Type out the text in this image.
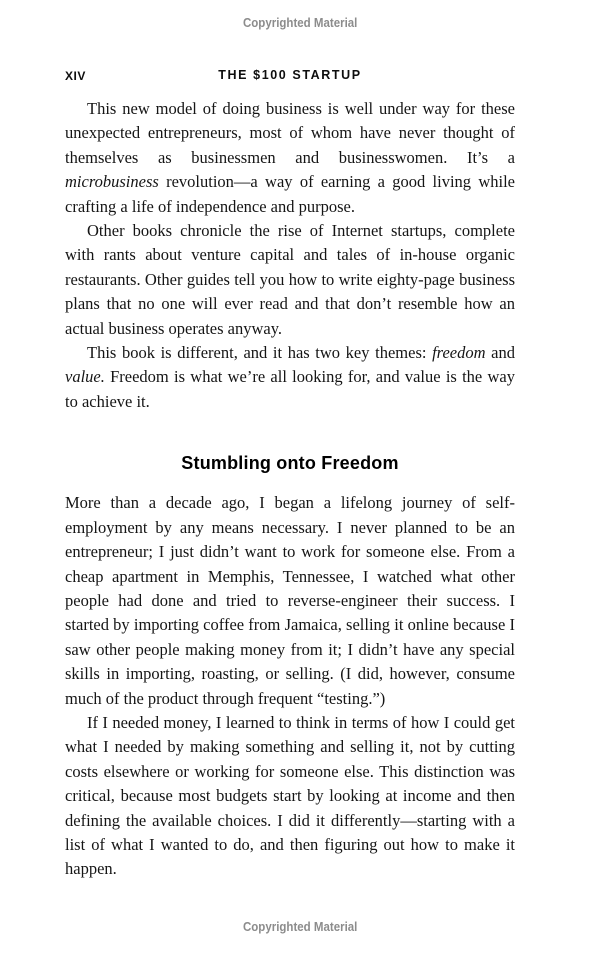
Copyrighted Material
XIV	THE $100 STARTUP

This new model of doing business is well under way for these unexpected entrepreneurs, most of whom have never thought of themselves as businessmen and businesswomen. It’s a microbusiness revolution—a way of earning a good living while crafting a life of independence and purpose.

Other books chronicle the rise of Internet startups, complete with rants about venture capital and tales of in-house organic restaurants. Other guides tell you how to write eighty-page business plans that no one will ever read and that don’t resemble how an actual business operates anyway.

This book is different, and it has two key themes: freedom and value. Freedom is what we’re all looking for, and value is the way to achieve it.

Stumbling onto Freedom

More than a decade ago, I began a lifelong journey of self-employment by any means necessary. I never planned to be an entrepreneur; I just didn’t want to work for someone else. From a cheap apartment in Memphis, Tennessee, I watched what other people had done and tried to reverse-engineer their success. I started by importing coffee from Jamaica, selling it online because I saw other people making money from it; I didn’t have any special skills in importing, roasting, or selling. (I did, however, consume much of the product through frequent “testing.”)

If I needed money, I learned to think in terms of how I could get what I needed by making something and selling it, not by cutting costs elsewhere or working for someone else. This distinction was critical, because most budgets start by looking at income and then defining the available choices. I did it differently—starting with a list of what I wanted to do, and then figuring out how to make it happen.

Copyrighted Material
